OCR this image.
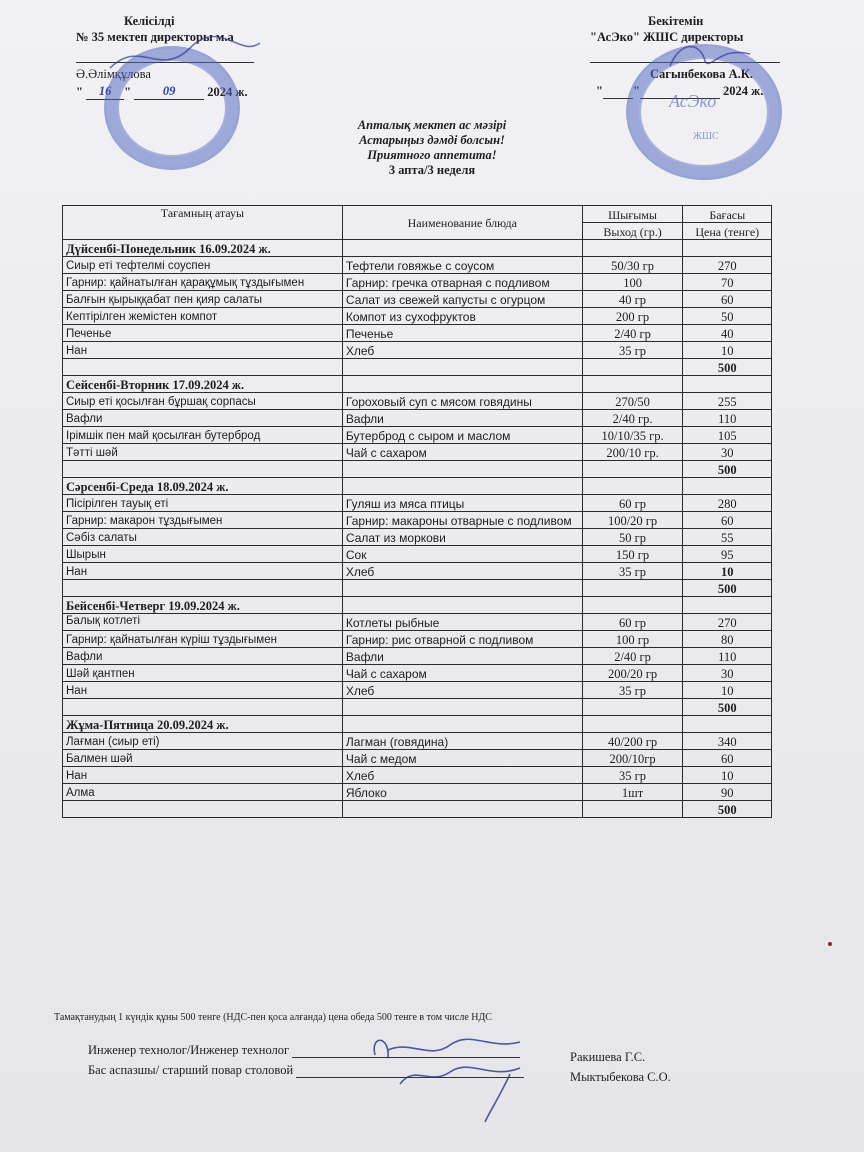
Келісілді
№ 35 мектеп директоры м.а
Ә.Әлімқұлова
" 16 " 09	2024 ж.
Бекітемін
"АсЭко" ЖШС директоры
Сагынбекова А.К.
" "	2024 ж.
АсЭко
ЖШС
Апталық мектеп ас мәзірі
Астарыңыз дәмді болсын!
Приятного аппетита!
3 апта/3 неделя
Тағамның атауы	Наименование блюда	Шығымы	Бағасы
		Выход (гр.)	Цена (тенге)
Дүйсенбі-Понедельник 16.09.2024 ж.			
Сиыр еті тефтелмі соуспен	Тефтели говяжье с соусом	50/30 гр	270
Гарнир: қайнатылған қарақұмық тұздығымен	Гарнир: гречка отварная с подливом	100	70
Балғын қырыққабат пен қияр салаты	Салат из свежей капусты с огурцом	40 гр	60
Кептірілген жемістен компот	Компот из сухофруктов	200 гр	50
Печенье	Печенье	2/40 гр	40
Нан	Хлеб	35 гр	10
			500
Сейсенбі-Вторник 17.09.2024 ж.			
Сиыр еті қосылған бұршақ сорпасы	Гороховый суп с мясом говядины	270/50	255
Вафли	Вафли	2/40 гр.	110
Ірімшік пен май қосылған бутерброд	Бутерброд с сыром и маслом	10/10/35 гр.	105
Тәтті шәй	Чай с сахаром	200/10 гр.	30
			500
Сәрсенбі-Среда 18.09.2024 ж.			
Пісірілген тауық еті	Гуляш из мяса птицы	60 гр	280
Гарнир: макарон тұздығымен	Гарнир: макароны отварные с подливом	100/20 гр	60
Сәбіз салаты	Салат из моркови	50 гр	55
Шырын	Сок	150 гр	95
Нан	Хлеб	35 гр	10
			500
Бейсенбі-Четверг 19.09.2024 ж.			
Балық котлеті	Котлеты рыбные	60 гр	270
Гарнир: қайнатылған күріш тұздығымен	Гарнир: рис отварной с подливом	100 гр	80
Вафли	Вафли	2/40 гр	110
Шәй қантпен	Чай с сахаром	200/20 гр	30
Нан	Хлеб	35 гр	10
			500
Жұма-Пятница 20.09.2024 ж.			
Лағман (сиыр еті)	Лагман (говядина)	40/200 гр	340
Балмен шәй	Чай с медом	200/10гр	60
Нан	Хлеб	35 гр	10
Алма	Яблоко	1шт	90
			500
Тамақтанудың 1 күндік құны 500 тенге (НДС-пен қоса алғанда) цена обеда 500 тенге в том числе НДС
Инженер технолог/Инженер технолог	Ракишева Г.С.
Бас аспазшы/ старший повар столовой	Мыктыбекова С.О.
